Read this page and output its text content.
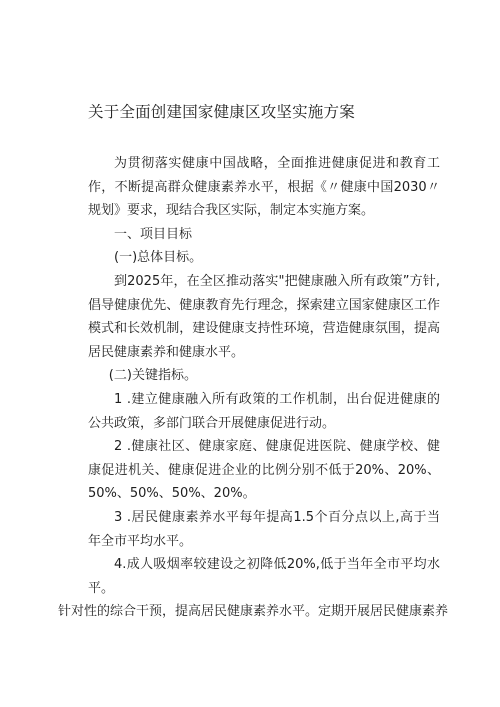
关于全面创建国家健康区攻坚实施方案

为贯彻落实健康中国战略，全面推进健康促进和教育工作，不断提高群众健康素养水平，根据《〃健康中国2030〃规划》要求，现结合我区实际，制定本实施方案。

一、项目目标

(一)总体目标。

到2025年，在全区推动落实"把健康融入所有政策”方针,倡导健康优先、健康教育先行理念，探索建立国家健康区工作模式和长效机制，建设健康支持性环境，营造健康氛围，提高居民健康素养和健康水平。

(二)关键指标。

1 .建立健康融入所有政策的工作机制，出台促进健康的公共政策，多部门联合开展健康促进行动。

2 .健康社区、健康家庭、健康促进医院、健康学校、健康促进机关、健康促进企业的比例分别不低于20%、20%、50%、50%、50%、20%。

3 .居民健康素养水平每年提高1.5个百分点以上,高于当年全市平均水平。

4.成人吸烟率较建设之初降低20%,低于当年全市平均水平。

针对性的综合干预，提高居民健康素养水平。定期开展居民健康素养
